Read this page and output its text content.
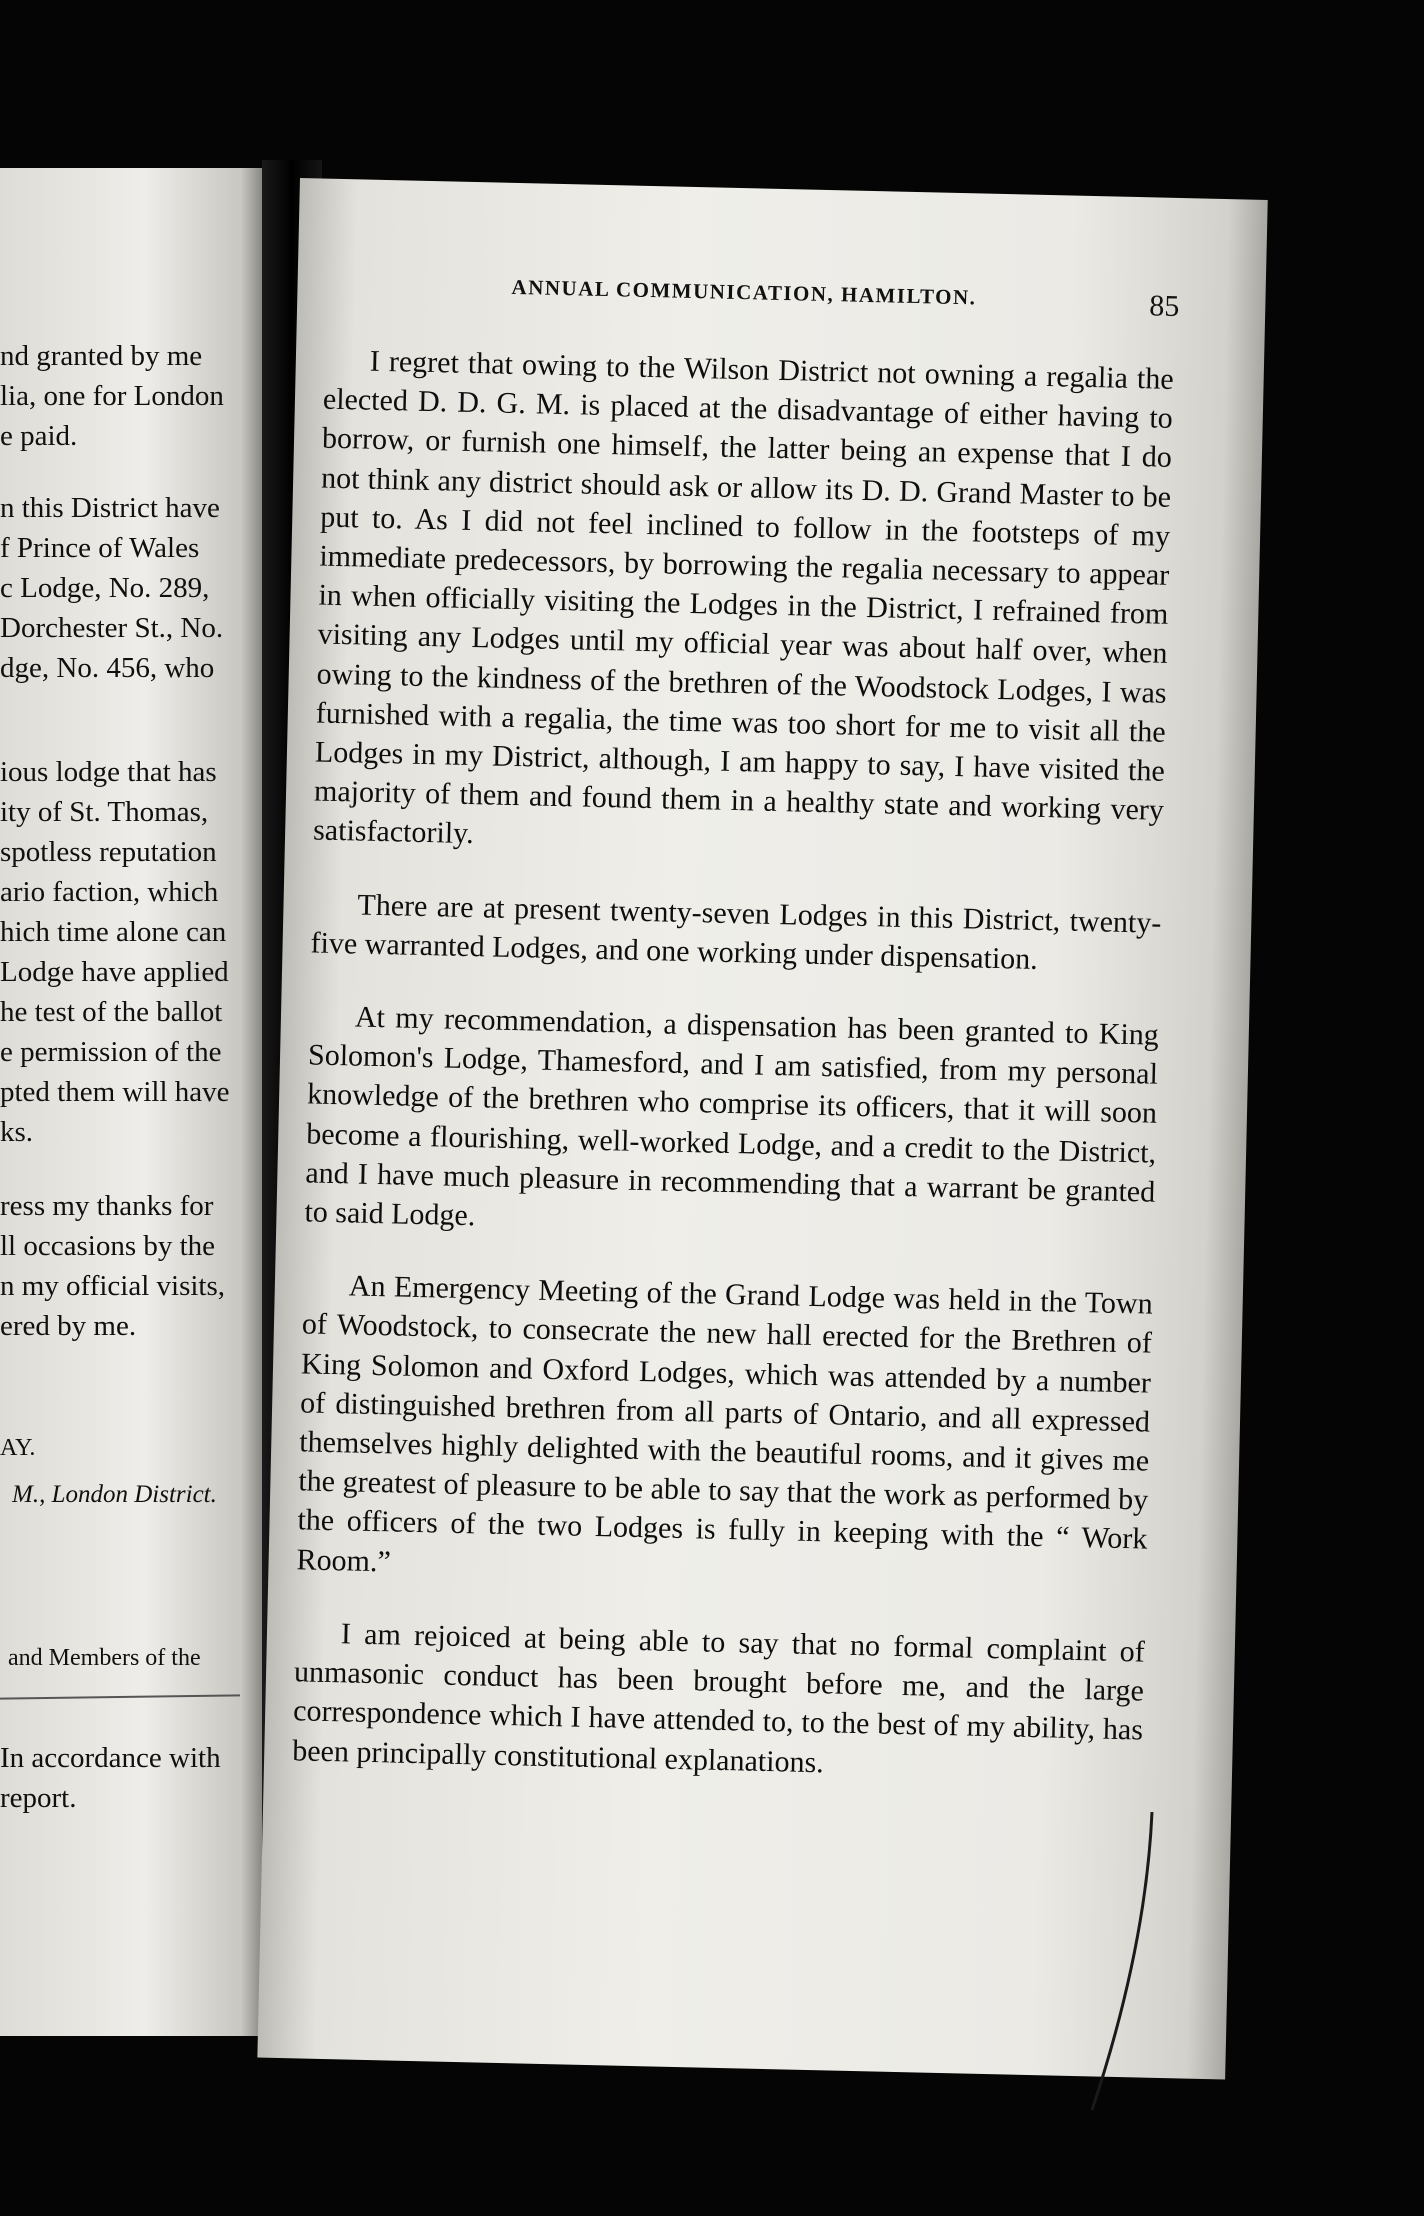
nd granted by me
lia, one for London
e paid.
n this District have
f Prince of Wales
c Lodge, No. 289,
Dorchester St., No.
dge, No. 456, who
ious lodge that has
ity of St. Thomas,
spotless reputation
ario faction, which
hich time alone can
Lodge have applied
he test of the ballot
e permission of the
pted them will have
ks.
ress my thanks for
ll occasions by the
n my official visits,
ered by me.
AY.
M., London District.
and Members of the
In accordance with
report.
ANNUAL COMMUNICATION, HAMILTON.	85

I regret that owing to the Wilson District not owning a regalia the elected D. D. G. M. is placed at the disadvantage of either having to borrow, or furnish one himself, the latter being an expense that I do not think any district should ask or allow its D. D. Grand Master to be put to. As I did not feel inclined to follow in the footsteps of my immediate predecessors, by borrowing the regalia necessary to appear in when officially visiting the Lodges in the District, I refrained from visiting any Lodges until my official year was about half over, when owing to the kindness of the brethren of the Woodstock Lodges, I was furnished with a regalia, the time was too short for me to visit all the Lodges in my District, although, I am happy to say, I have visited the majority of them and found them in a healthy state and working very satisfactorily.

There are at present twenty-seven Lodges in this District, twenty-five warranted Lodges, and one working under dispensation.

At my recommendation, a dispensation has been granted to King Solomon's Lodge, Thamesford, and I am satisfied, from my personal knowledge of the brethren who comprise its officers, that it will soon become a flourishing, well-worked Lodge, and a credit to the District, and I have much pleasure in recommending that a warrant be granted to said Lodge.

An Emergency Meeting of the Grand Lodge was held in the Town of Woodstock, to consecrate the new hall erected for the Brethren of King Solomon and Oxford Lodges, which was attended by a number of distinguished brethren from all parts of Ontario, and all expressed themselves highly delighted with the beautiful rooms, and it gives me the greatest of pleasure to be able to say that the work as performed by the officers of the two Lodges is fully in keeping with the “ Work Room.”

I am rejoiced at being able to say that no formal complaint of unmasonic conduct has been brought before me, and the large correspondence which I have attended to, to the best of my ability, has been principally constitutional explanations.
